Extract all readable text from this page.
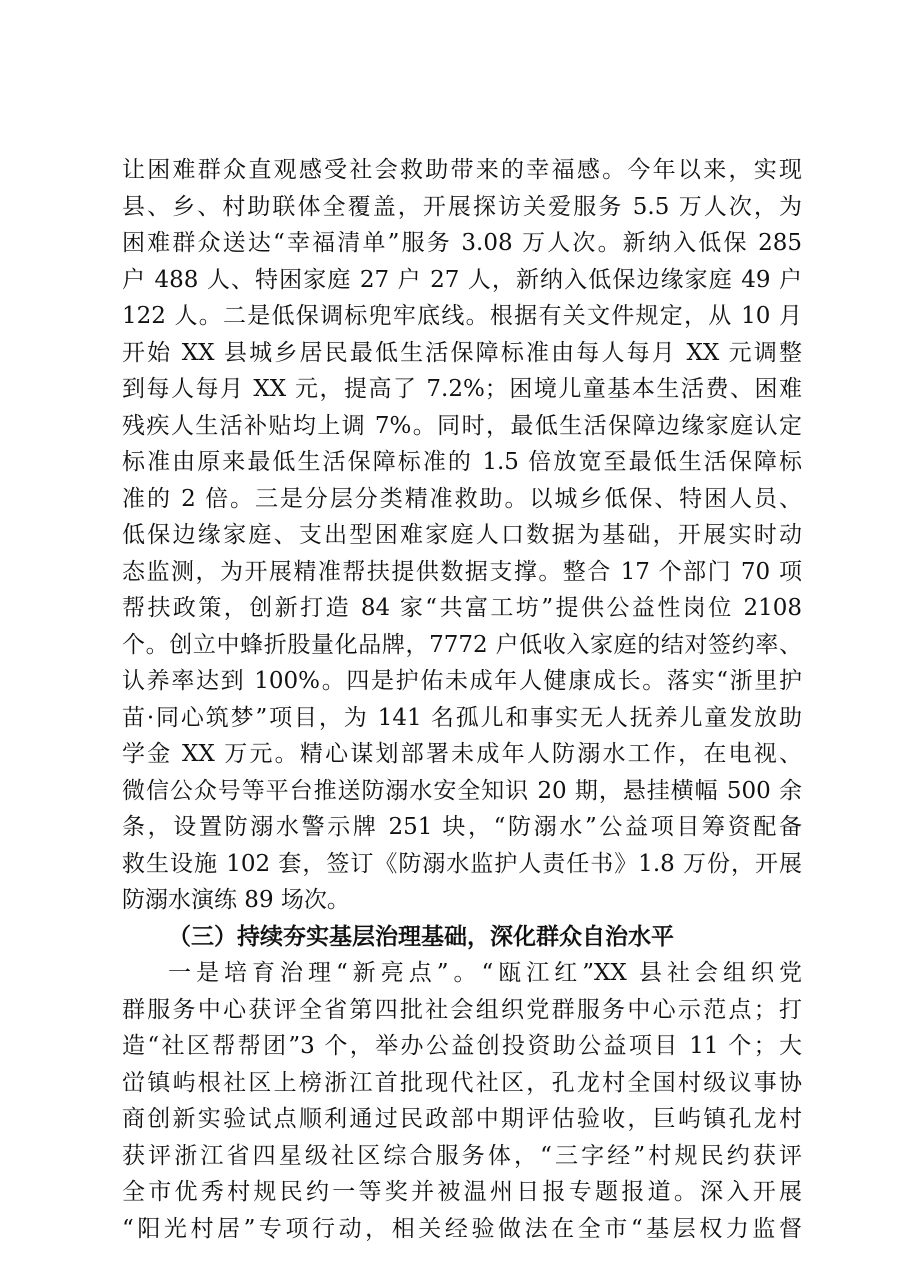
让困难群众直观感受社会救助带来的幸福感。今年以来，实现
县、乡、村助联体全覆盖，开展探访关爱服务 5.5 万人次，为
困难群众送达“幸福清单”服务 3.08 万人次。新纳入低保 285
户 488 人、特困家庭 27 户 27 人，新纳入低保边缘家庭 49 户
122 人。二是低保调标兜牢底线。根据有关文件规定，从 10 月
开始 XX 县城乡居民最低生活保障标准由每人每月 XX 元调整
到每人每月 XX 元，提高了 7.2%；困境儿童基本生活费、困难
残疾人生活补贴均上调 7%。同时，最低生活保障边缘家庭认定
标准由原来最低生活保障标准的 1.5 倍放宽至最低生活保障标
准的 2 倍。三是分层分类精准救助。以城乡低保、特困人员、
低保边缘家庭、支出型困难家庭人口数据为基础，开展实时动
态监测，为开展精准帮扶提供数据支撑。整合 17 个部门 70 项
帮扶政策，创新打造 84 家“共富工坊”提供公益性岗位 2108
个。创立中蜂折股量化品牌，7772 户低收入家庭的结对签约率、
认养率达到 100%。四是护佑未成年人健康成长。落实“浙里护
苗·同心筑梦”项目，为 141 名孤儿和事实无人抚养儿童发放助
学金 XX 万元。精心谋划部署未成年人防溺水工作，在电视、
微信公众号等平台推送防溺水安全知识 20 期，悬挂横幅 500 余
条，设置防溺水警示牌 251 块，“防溺水”公益项目筹资配备
救生设施 102 套，签订《防溺水监护人责任书》1.8 万份，开展
防溺水演练 89 场次。
（三）持续夯实基层治理基础，深化群众自治水平
一是培育治理“新亮点”。“瓯江红”XX 县社会组织党
群服务中心获评全省第四批社会组织党群服务中心示范点；打
造“社区帮帮团”3 个，举办公益创投资助公益项目 11 个；大
峃镇屿根社区上榜浙江首批现代社区，孔龙村全国村级议事协
商创新实验试点顺利通过民政部中期评估验收，巨屿镇孔龙村
获评浙江省四星级社区综合服务体，“三字经”村规民约获评
全市优秀村规民约一等奖并被温州日报专题报道。深入开展
“阳光村居”专项行动，相关经验做法在全市“基层权力监督
